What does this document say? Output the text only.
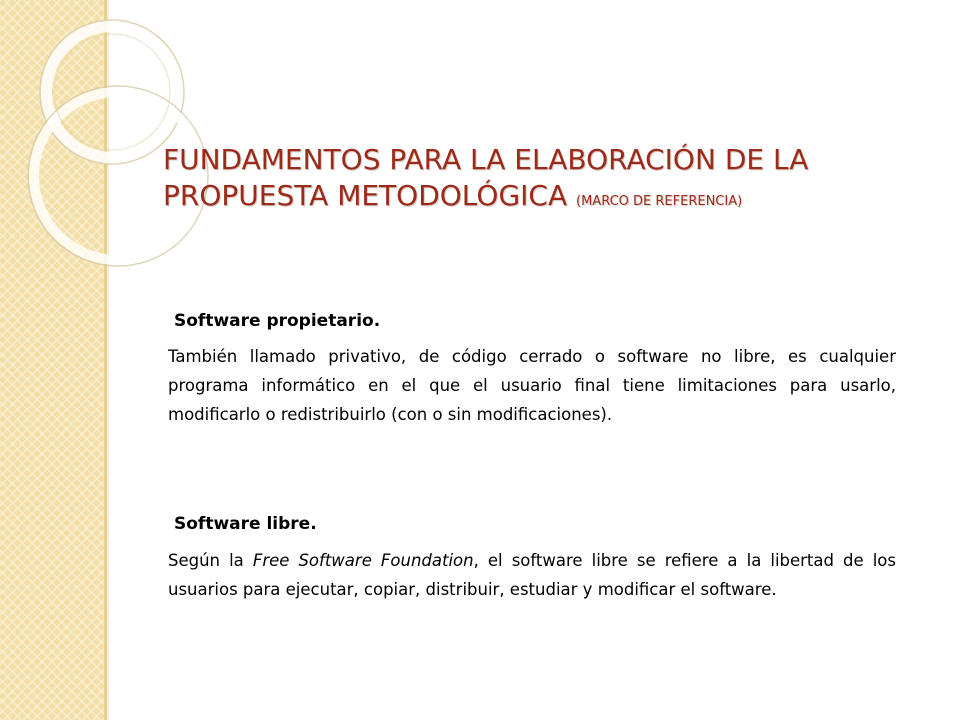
FUNDAMENTOS PARA LA ELABORACIÓN DE LA PROPUESTA METODOLÓGICA (MARCO DE REFERENCIA)

Software propietario.

También llamado privativo, de código cerrado o software no libre, es cualquier programa informático en el que el usuario final tiene limitaciones para usarlo, modificarlo o redistribuirlo (con o sin modificaciones).

Software libre.

Según la Free Software Foundation, el software libre se refiere a la libertad de los usuarios para ejecutar, copiar, distribuir, estudiar y modificar el software.
